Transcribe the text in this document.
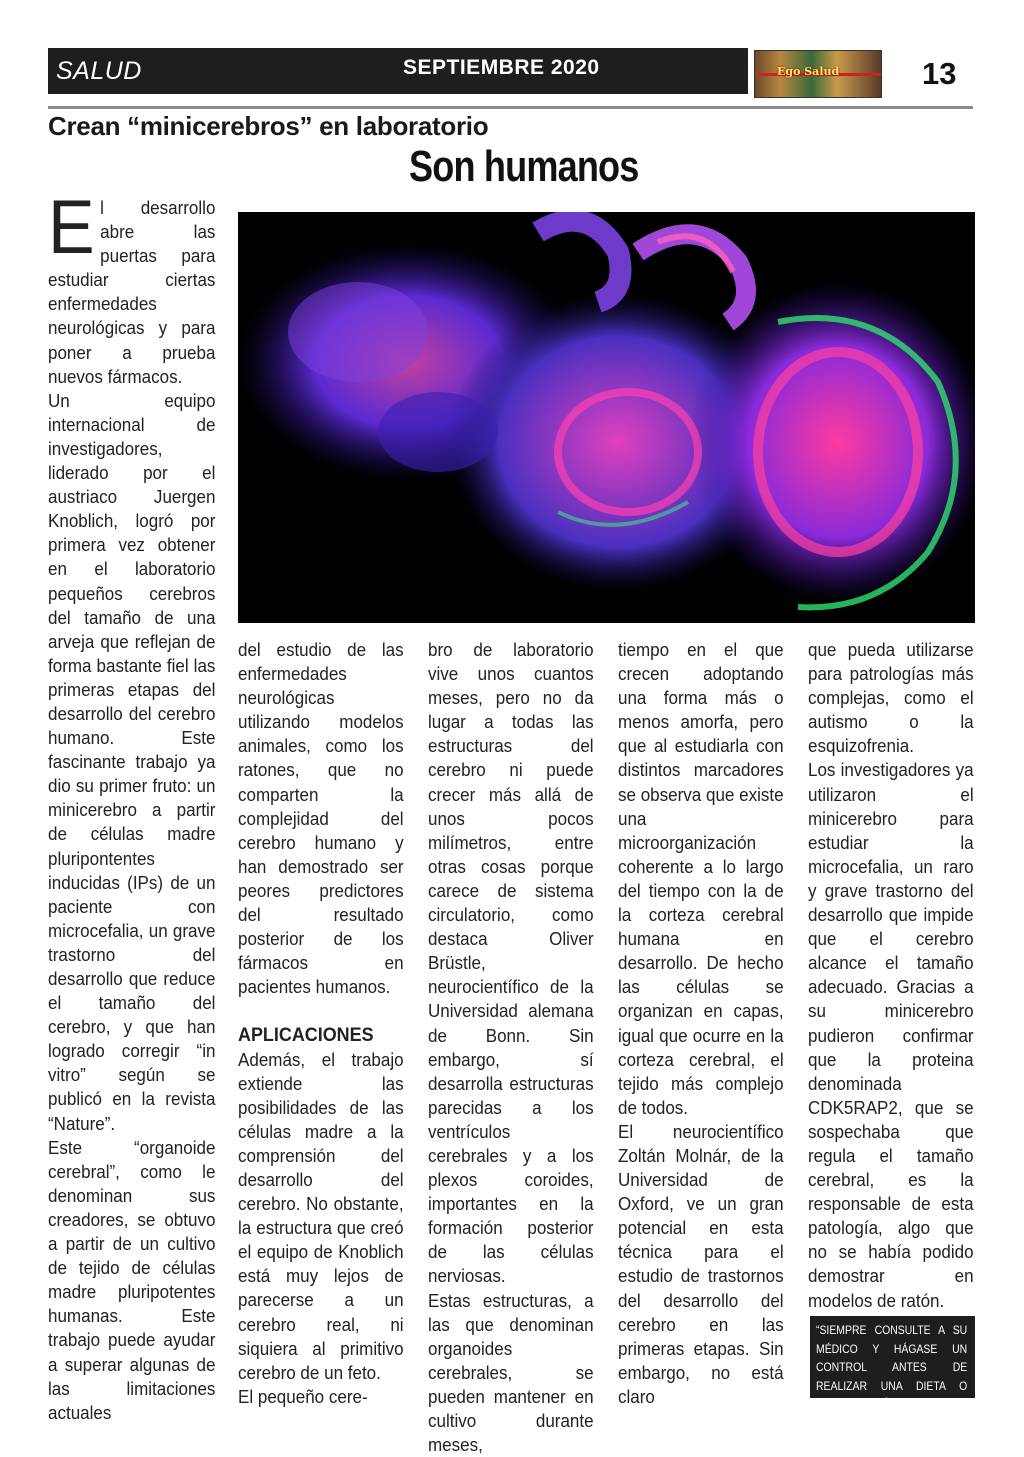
SALUD	SEPTIEMBRE 2020	Ego Salud	13
Crean “minicerebros” en laboratorio
Son humanos
E l desarrollo abre las puertas para estudiar ciertas enfermedades neurológicas y para poner a prueba nuevos fármacos.

Un equipo internacional de investigadores, liderado por el austriaco Juergen Knoblich, logró por primera vez obtener en el laboratorio pequeños cerebros del tamaño de una arveja que reflejan de forma bastante fiel las primeras etapas del desarrollo del cerebro humano. Este fascinante trabajo ya dio su primer fruto: un minicerebro a partir de células madre pluripontentes inducidas (IPs) de un paciente con microcefalia, un grave trastorno del desarrollo que reduce el tamaño del cerebro, y que han logrado corregir “in vitro” según se publicó en la revista “Nature”.

Este “organoide cerebral”, como le denominan sus creadores, se obtuvo a partir de un cultivo de tejido de células madre pluripotentes humanas. Este trabajo puede ayudar a superar algunas de las limitaciones actuales

del estudio de las enfermedades neurológicas utilizando modelos animales, como los ratones, que no comparten la complejidad del cerebro humano y han demostrado ser peores predictores del resultado posterior de los fármacos en pacientes humanos.

APLICACIONES

Además, el trabajo extiende las posibilidades de las células madre a la comprensión del desarrollo del cerebro. No obstante, la estructura que creó el equipo de Knoblich está muy lejos de parecerse a un cerebro real, ni siquiera al primitivo cerebro de un feto.

El pequeño cere-

bro de laboratorio vive unos cuantos meses, pero no da lugar a todas las estructuras del cerebro ni puede crecer más allá de unos pocos milímetros, entre otras cosas porque carece de sistema circulatorio, como destaca Oliver Brüstle, neurocientífico de la Universidad alemana de Bonn. Sin embargo, sí desarrolla estructuras parecidas a los ventrículos cerebrales y a los plexos coroides, importantes en la formación posterior de las células nerviosas.

Estas estructuras, a las que denominan organoides cerebrales, se pueden mantener en cultivo durante meses,

tiempo en el que crecen adoptando una forma más o menos amorfa, pero que al estudiarla con distintos marcadores se observa que existe una microorganización coherente a lo largo del tiempo con la de la corteza cerebral humana en desarrollo. De hecho las células se organizan en capas, igual que ocurre en la corteza cerebral, el tejido más complejo de todos.

El neurocientífico Zoltán Molnár, de la Universidad de Oxford, ve un gran potencial en esta técnica para el estudio de trastornos del desarrollo del cerebro en las primeras etapas. Sin embargo, no está claro

que pueda utilizarse para patrologías más complejas, como el autismo o la esquizofrenia.

Los investigadores ya utilizaron el minicerebro para estudiar la microcefalia, un raro y grave trastorno del desarrollo que impide que el cerebro alcance el tamaño adecuado. Gracias a su minicerebro pudieron confirmar que la proteina denominada CDK5RAP2, que se sospechaba que regula el tamaño cerebral, es la responsable de esta patología, algo que no se había podido demostrar en modelos de ratón.

“SIEMPRE CONSULTE A SU MÉDICO Y HÁGASE UN CONTROL ANTES DE REALIZAR UNA DIETA O ACTIVADAD FÍSICA”
